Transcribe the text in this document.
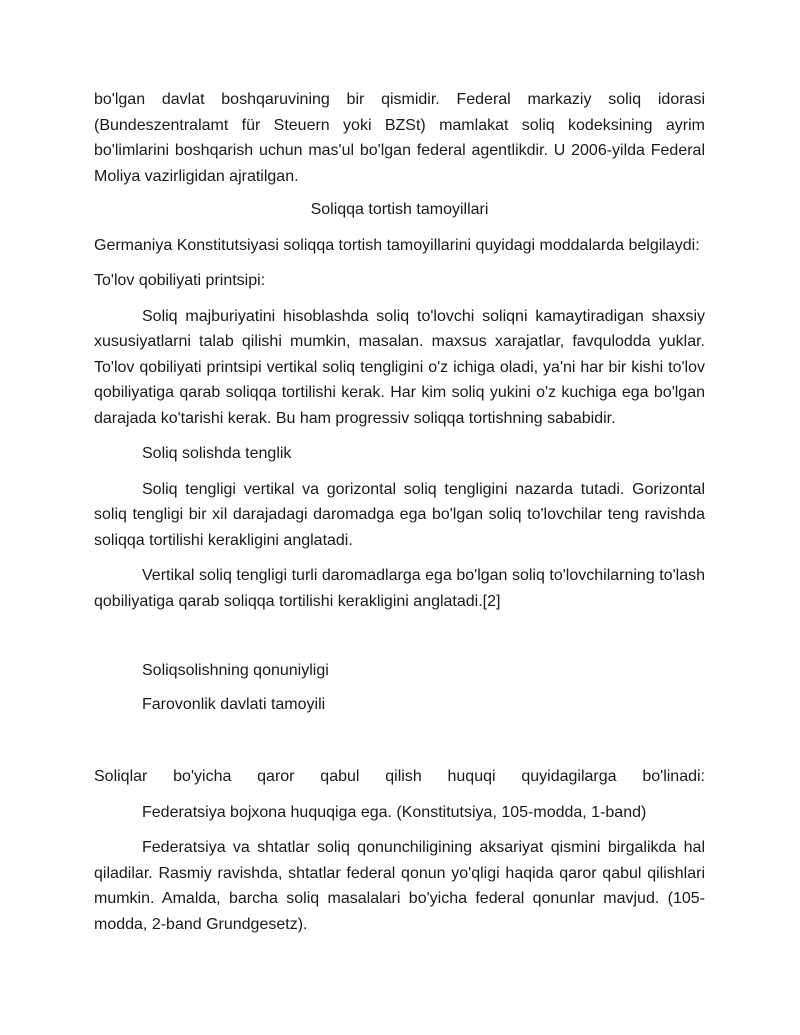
bo'lgan davlat boshqaruvining bir qismidir. Federal markaziy soliq idorasi (Bundeszentralamt für Steuern yoki BZSt) mamlakat soliq kodeksining ayrim bo'limlarini boshqarish uchun mas'ul bo'lgan federal agentlikdir. U 2006-yilda Federal Moliya vazirligidan ajratilgan.

Soliqqa tortish tamoyillari

Germaniya Konstitutsiyasi soliqqa tortish tamoyillarini quyidagi moddalarda belgilaydi:

To'lov qobiliyati printsipi:

Soliq majburiyatini hisoblashda soliq to'lovchi soliqni kamaytiradigan shaxsiy xususiyatlarni talab qilishi mumkin, masalan. maxsus xarajatlar, favqulodda yuklar. To'lov qobiliyati printsipi vertikal soliq tengligini o'z ichiga oladi, ya'ni har bir kishi to'lov qobiliyatiga qarab soliqqa tortilishi kerak. Har kim soliq yukini o'z kuchiga ega bo'lgan darajada ko'tarishi kerak. Bu ham progressiv soliqqa tortishning sababidir.

Soliq solishda tenglik

Soliq tengligi vertikal va gorizontal soliq tengligini nazarda tutadi. Gorizontal soliq tengligi bir xil darajadagi daromadga ega bo'lgan soliq to'lovchilar teng ravishda soliqqa tortilishi kerakligini anglatadi.

Vertikal soliq tengligi turli daromadlarga ega bo'lgan soliq to'lovchilarning to'lash qobiliyatiga qarab soliqqa tortilishi kerakligini anglatadi.[2]

Soliqsolishning qonuniyligi

Farovonlik davlati tamoyili

Soliqlar bo'yicha qaror qabul qilish huquqi quyidagilarga bo'linadi:

Federatsiya bojxona huquqiga ega. (Konstitutsiya, 105-modda, 1-band)

Federatsiya va shtatlar soliq qonunchiligining aksariyat qismini birgalikda hal qiladilar. Rasmiy ravishda, shtatlar federal qonun yo'qligi haqida qaror qabul qilishlari mumkin. Amalda, barcha soliq masalalari bo'yicha federal qonunlar mavjud. (105-modda, 2-band Grundgesetz).
